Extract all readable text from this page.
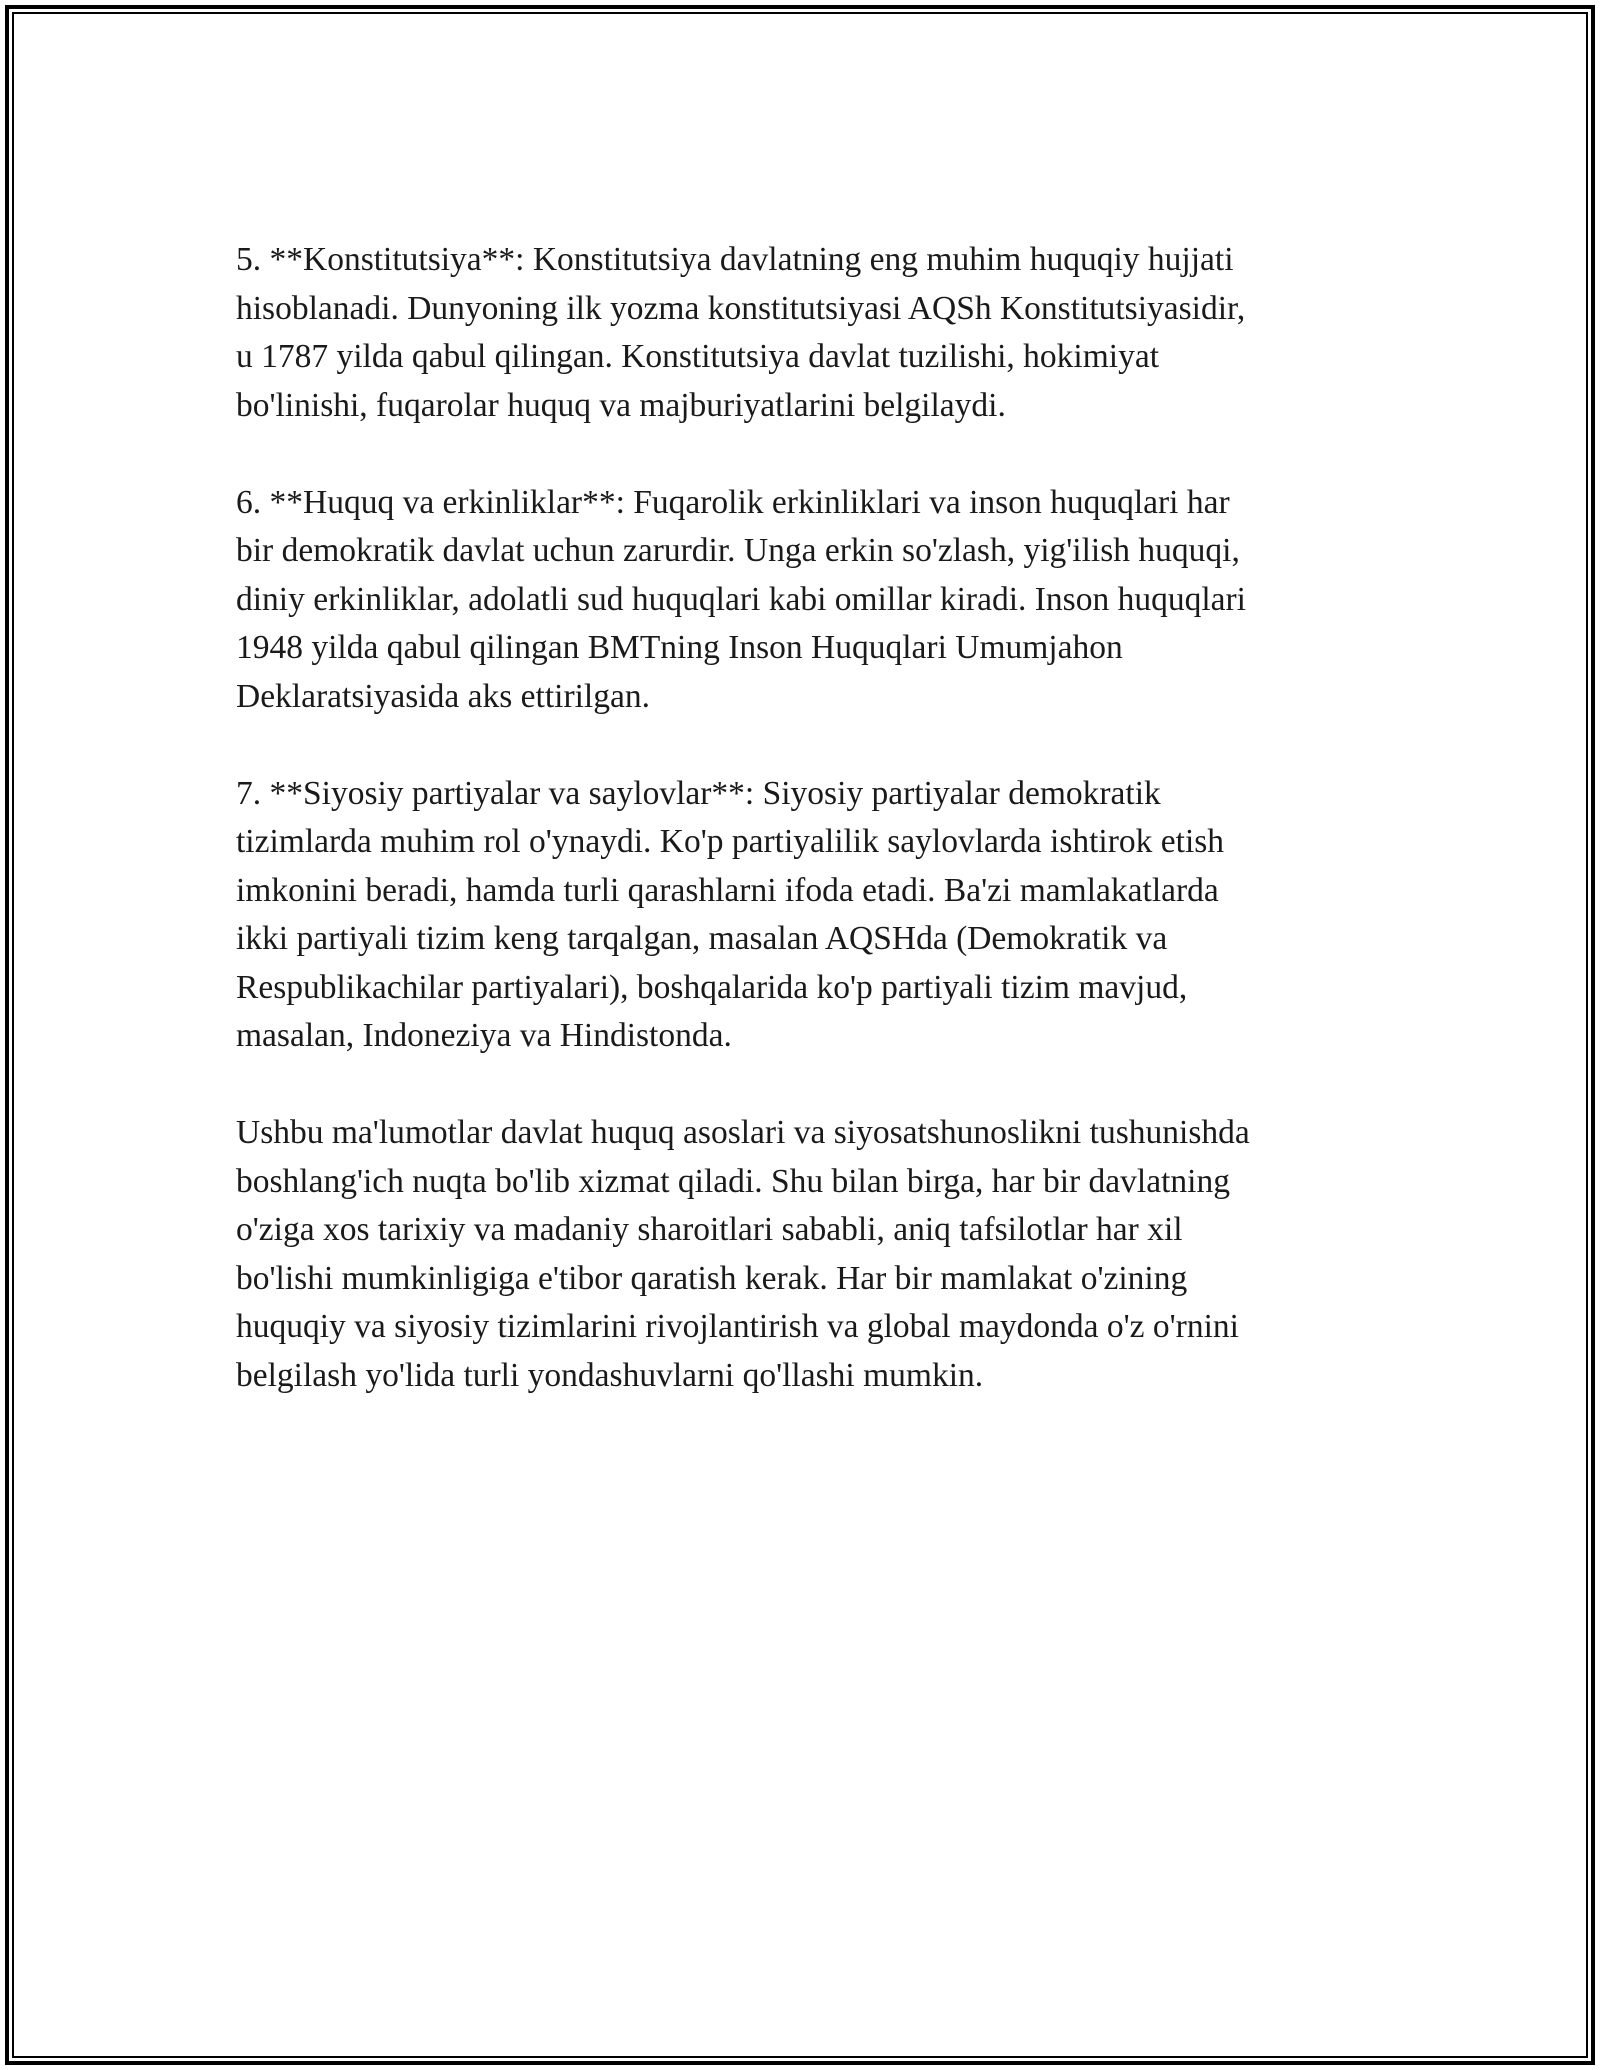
5. **Konstitutsiya**: Konstitutsiya davlatning eng muhim huquqiy hujjati
hisoblanadi. Dunyoning ilk yozma konstitutsiyasi AQSh Konstitutsiyasidir,
u 1787 yilda qabul qilingan. Konstitutsiya davlat tuzilishi, hokimiyat
bo'linishi, fuqarolar huquq va majburiyatlarini belgilaydi.

6. **Huquq va erkinliklar**: Fuqarolik erkinliklari va inson huquqlari har
bir demokratik davlat uchun zarurdir. Unga erkin so'zlash, yig'ilish huquqi,
diniy erkinliklar, adolatli sud huquqlari kabi omillar kiradi. Inson huquqlari
1948 yilda qabul qilingan BMTning Inson Huquqlari Umumjahon
Deklaratsiyasida aks ettirilgan.

7. **Siyosiy partiyalar va saylovlar**: Siyosiy partiyalar demokratik
tizimlarda muhim rol o'ynaydi. Ko'p partiyalilik saylovlarda ishtirok etish
imkonini beradi, hamda turli qarashlarni ifoda etadi. Ba'zi mamlakatlarda
ikki partiyali tizim keng tarqalgan, masalan AQSHda (Demokratik va
Respublikachilar partiyalari), boshqalarida ko'p partiyali tizim mavjud,
masalan, Indoneziya va Hindistonda.

Ushbu ma'lumotlar davlat huquq asoslari va siyosatshunoslikni tushunishda
boshlang'ich nuqta bo'lib xizmat qiladi. Shu bilan birga, har bir davlatning
o'ziga xos tarixiy va madaniy sharoitlari sababli, aniq tafsilotlar har xil
bo'lishi mumkinligiga e'tibor qaratish kerak. Har bir mamlakat o'zining
huquqiy va siyosiy tizimlarini rivojlantirish va global maydonda o'z o'rnini
belgilash yo'lida turli yondashuvlarni qo'llashi mumkin.
